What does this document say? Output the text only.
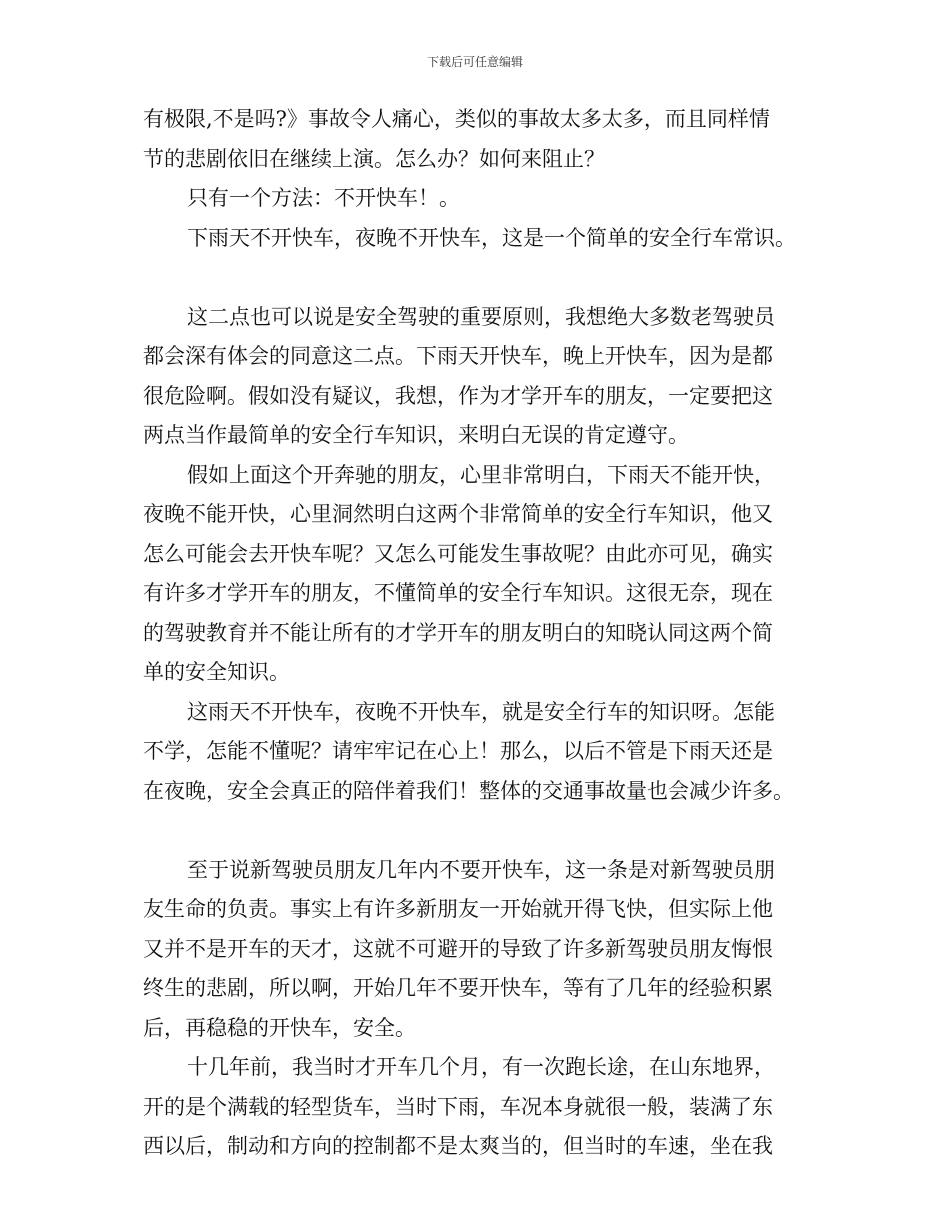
下载后可任意编辑
有极限,不是吗?》事故令人痛心，类似的事故太多太多，而且同样情
节的悲剧依旧在继续上演。怎么办？如何来阻止？
只有一个方法：不开快车！。
下雨天不开快车，夜晚不开快车，这是一个简单的安全行车常识。
这二点也可以说是安全驾驶的重要原则，我想绝大多数老驾驶员
都会深有体会的同意这二点。下雨天开快车，晚上开快车，因为是都
很危险啊。假如没有疑议，我想，作为才学开车的朋友，一定要把这
两点当作最简单的安全行车知识，来明白无误的肯定遵守。
假如上面这个开奔驰的朋友，心里非常明白，下雨天不能开快，
夜晚不能开快，心里洞然明白这两个非常简单的安全行车知识，他又
怎么可能会去开快车呢？又怎么可能发生事故呢？由此亦可见，确实
有许多才学开车的朋友，不懂简单的安全行车知识。这很无奈，现在
的驾驶教育并不能让所有的才学开车的朋友明白的知晓认同这两个简
单的安全知识。
这雨天不开快车，夜晚不开快车，就是安全行车的知识呀。怎能
不学，怎能不懂呢？请牢牢记在心上！那么，以后不管是下雨天还是
在夜晚，安全会真正的陪伴着我们！整体的交通事故量也会减少许多。
至于说新驾驶员朋友几年内不要开快车，这一条是对新驾驶员朋
友生命的负责。事实上有许多新朋友一开始就开得飞快，但实际上他
又并不是开车的天才，这就不可避开的导致了许多新驾驶员朋友悔恨
终生的悲剧，所以啊，开始几年不要开快车，等有了几年的经验积累
后，再稳稳的开快车，安全。
十几年前，我当时才开车几个月，有一次跑长途，在山东地界，
开的是个满载的轻型货车，当时下雨，车况本身就很一般，装满了东
西以后，制动和方向的控制都不是太爽当的，但当时的车速，坐在我
